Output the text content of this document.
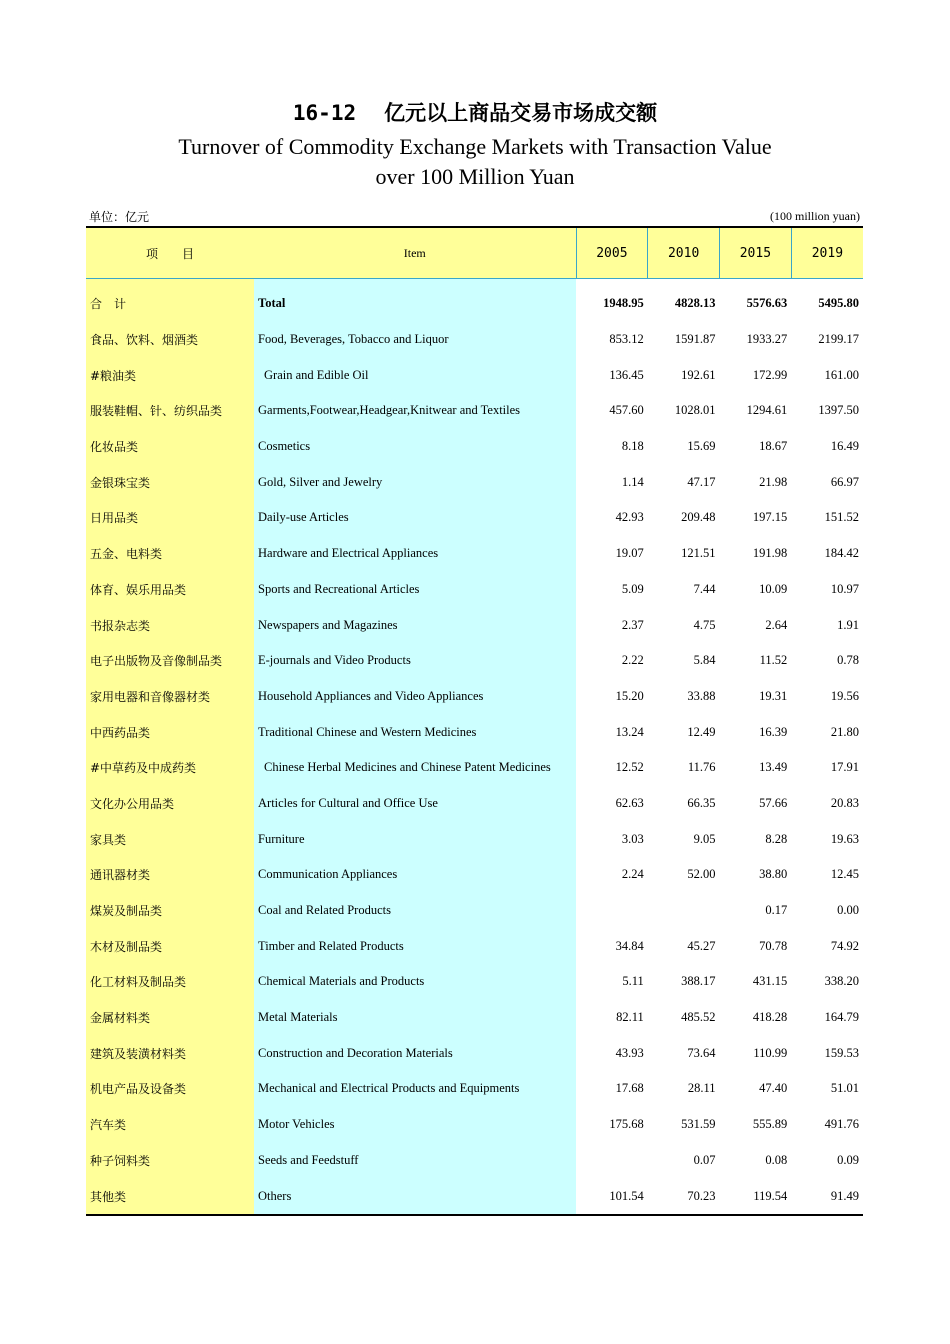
16-12 亿元以上商品交易市场成交额
Turnover of Commodity Exchange Markets with Transaction Value
over 100 Million Yuan
单位：亿元	(100 million yuan)
项　　目	Item	2005	2010	2015	2019

合　计	Total	1948.95	4828.13	5576.63	5495.80
食品、饮料、烟酒类	Food, Beverages, Tobacco and Liquor	853.12	1591.87	1933.27	2199.17
#粮油类	Grain and Edible Oil	136.45	192.61	172.99	161.00
服装鞋帽、针、纺织品类	Garments,Footwear,Headgear,Knitwear and Textiles	457.60	1028.01	1294.61	1397.50
化妆品类	Cosmetics	8.18	15.69	18.67	16.49
金银珠宝类	Gold, Silver and Jewelry	1.14	47.17	21.98	66.97
日用品类	Daily-use Articles	42.93	209.48	197.15	151.52
五金、电料类	Hardware and Electrical Appliances	19.07	121.51	191.98	184.42
体育、娱乐用品类	Sports and Recreational Articles	5.09	7.44	10.09	10.97
书报杂志类	Newspapers and Magazines	2.37	4.75	2.64	1.91
电子出版物及音像制品类	E-journals and Video Products	2.22	5.84	11.52	0.78
家用电器和音像器材类	Household Appliances and Video Appliances	15.20	33.88	19.31	19.56
中西药品类	Traditional Chinese and Western Medicines	13.24	12.49	16.39	21.80
#中草药及中成药类	Chinese Herbal Medicines and Chinese Patent Medicines	12.52	11.76	13.49	17.91
文化办公用品类	Articles for Cultural and Office Use	62.63	66.35	57.66	20.83
家具类	Furniture	3.03	9.05	8.28	19.63
通讯器材类	Communication Appliances	2.24	52.00	38.80	12.45
煤炭及制品类	Coal and Related Products			0.17	0.00
木材及制品类	Timber and Related Products	34.84	45.27	70.78	74.92
化工材料及制品类	Chemical Materials and Products	5.11	388.17	431.15	338.20
金属材料类	Metal Materials	82.11	485.52	418.28	164.79
建筑及装潢材料类	Construction and Decoration Materials	43.93	73.64	110.99	159.53
机电产品及设备类	Mechanical and Electrical Products and Equipments	17.68	28.11	47.40	51.01
汽车类	Motor Vehicles	175.68	531.59	555.89	491.76
种子饲料类	Seeds and Feedstuff		0.07	0.08	0.09
其他类	Others	101.54	70.23	119.54	91.49
